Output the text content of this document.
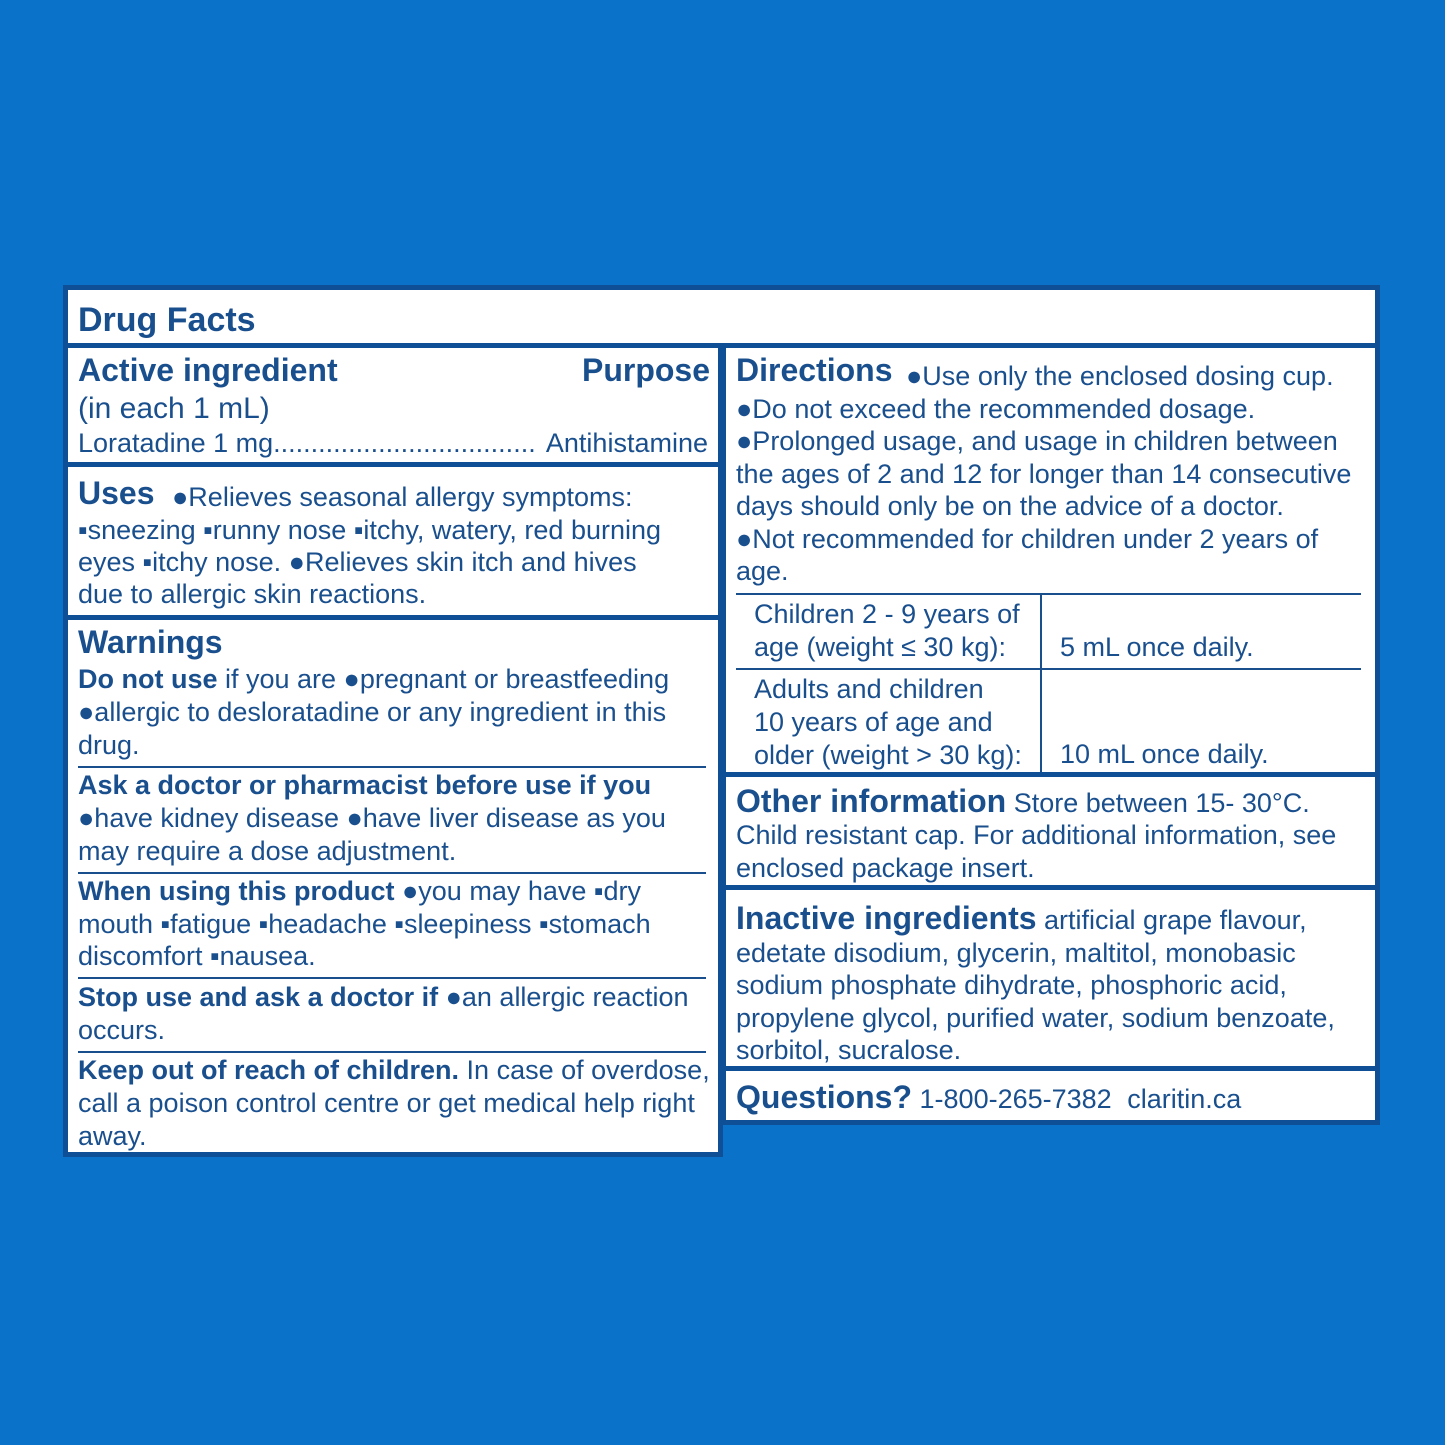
Drug Facts
Active ingredient	Purpose
(in each 1 mL)
Loratadine 1 mg ................................... Antihistamine
Uses ●Relieves seasonal allergy symptoms:
▪sneezing ▪runny nose ▪itchy, watery, red burning
eyes ▪itchy nose. ●Relieves skin itch and hives
due to allergic skin reactions.
Warnings
Do not use if you are ●pregnant or breastfeeding
●allergic to desloratadine or any ingredient in this
drug.
Ask a doctor or pharmacist before use if you
●have kidney disease ●have liver disease as you
may require a dose adjustment.
When using this product ●you may have ▪dry
mouth ▪fatigue ▪headache ▪sleepiness ▪stomach
discomfort ▪nausea.
Stop use and ask a doctor if ●an allergic reaction
occurs.
Keep out of reach of children. In case of overdose,
call a poison control centre or get medical help right
away.
Directions ●Use only the enclosed dosing cup.
●Do not exceed the recommended dosage.
●Prolonged usage, and usage in children between
the ages of 2 and 12 for longer than 14 consecutive
days should only be on the advice of a doctor.
●Not recommended for children under 2 years of
age.
Children 2 - 9 years of
age (weight ≤ 30 kg):	5 mL once daily.
Adults and children
10 years of age and
older (weight > 30 kg): 10 mL once daily.
Other information Store between 15- 30°C.
Child resistant cap. For additional information, see
enclosed package insert.
Inactive ingredients artificial grape flavour,
edetate disodium, glycerin, maltitol, monobasic
sodium phosphate dihydrate, phosphoric acid,
propylene glycol, purified water, sodium benzoate,
sorbitol, sucralose.
Questions? 1-800-265-7382 claritin.ca
